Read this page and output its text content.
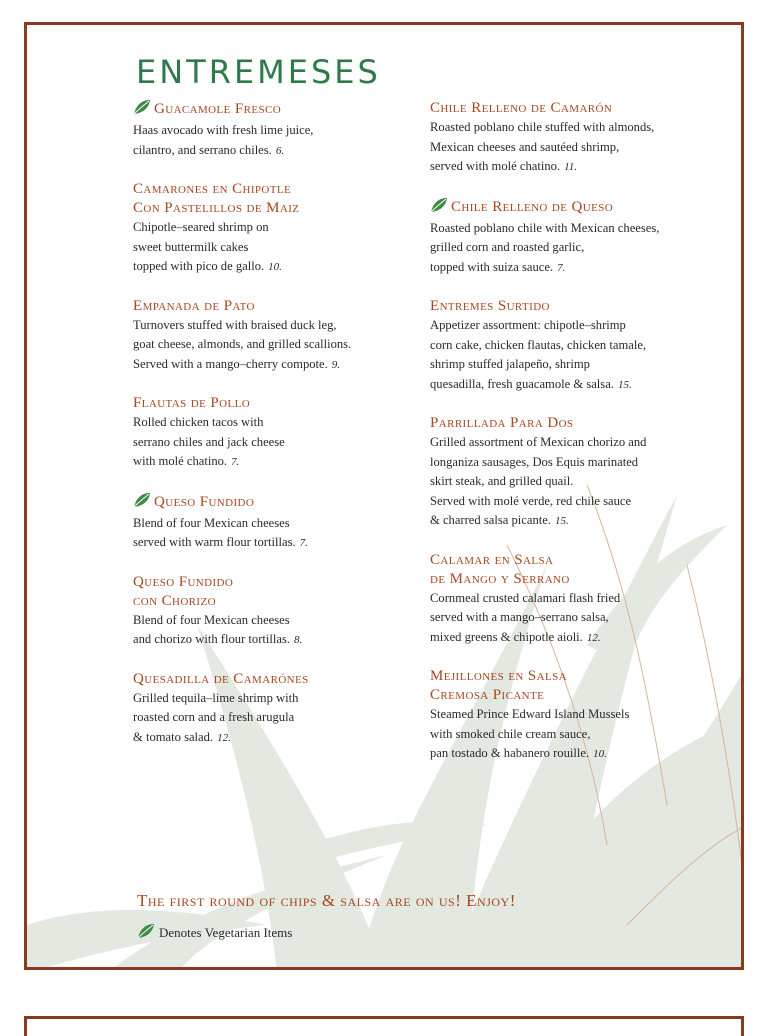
ENTREMESES
Guacamole Fresco

Haas avocado with fresh lime juice,
cilantro, and serrano chiles. 6.

Camarones en Chipotle
Con Pastelillos de Maiz

Chipotle–seared shrimp on
sweet buttermilk cakes
topped with pico de gallo. 10.

Empanada de Pato

Turnovers stuffed with braised duck leg,
goat cheese, almonds, and grilled scallions.
Served with a mango–cherry compote. 9.

Flautas de Pollo

Rolled chicken tacos with
serrano chiles and jack cheese
with molé chatino. 7.

Queso Fundido

Blend of four Mexican cheeses
served with warm flour tortillas. 7.

Queso Fundido
con Chorizo

Blend of four Mexican cheeses
and chorizo with flour tortillas. 8.

Quesadilla de Camarónes

Grilled tequila–lime shrimp with
roasted corn and a fresh arugula
& tomato salad. 12.

Chile Relleno de Camarón

Roasted poblano chile stuffed with almonds,
Mexican cheeses and sautéed shrimp,
served with molé chatino. 11.

Chile Relleno de Queso

Roasted poblano chile with Mexican cheeses,
grilled corn and roasted garlic,
topped with suiza sauce. 7.

Entremes Surtido

Appetizer assortment: chipotle–shrimp
corn cake, chicken flautas, chicken tamale,
shrimp stuffed jalapeño, shrimp
quesadilla, fresh guacamole & salsa. 15.

Parrillada Para Dos

Grilled assortment of Mexican chorizo and
longaniza sausages, Dos Equis marinated
skirt steak, and grilled quail.
Served with molé verde, red chile sauce
& charred salsa picante. 15.

Calamar en Salsa
de Mango y Serrano

Cornmeal crusted calamari flash fried
served with a mango–serrano salsa,
mixed greens & chipotle aioli. 12.

Mejillones en Salsa
Cremosa Picante

Steamed Prince Edward Island Mussels
with smoked chile cream sauce,
pan tostado & habanero rouille. 10.

The first round of chips & salsa are on us! Enjoy!

Denotes Vegetarian Items
